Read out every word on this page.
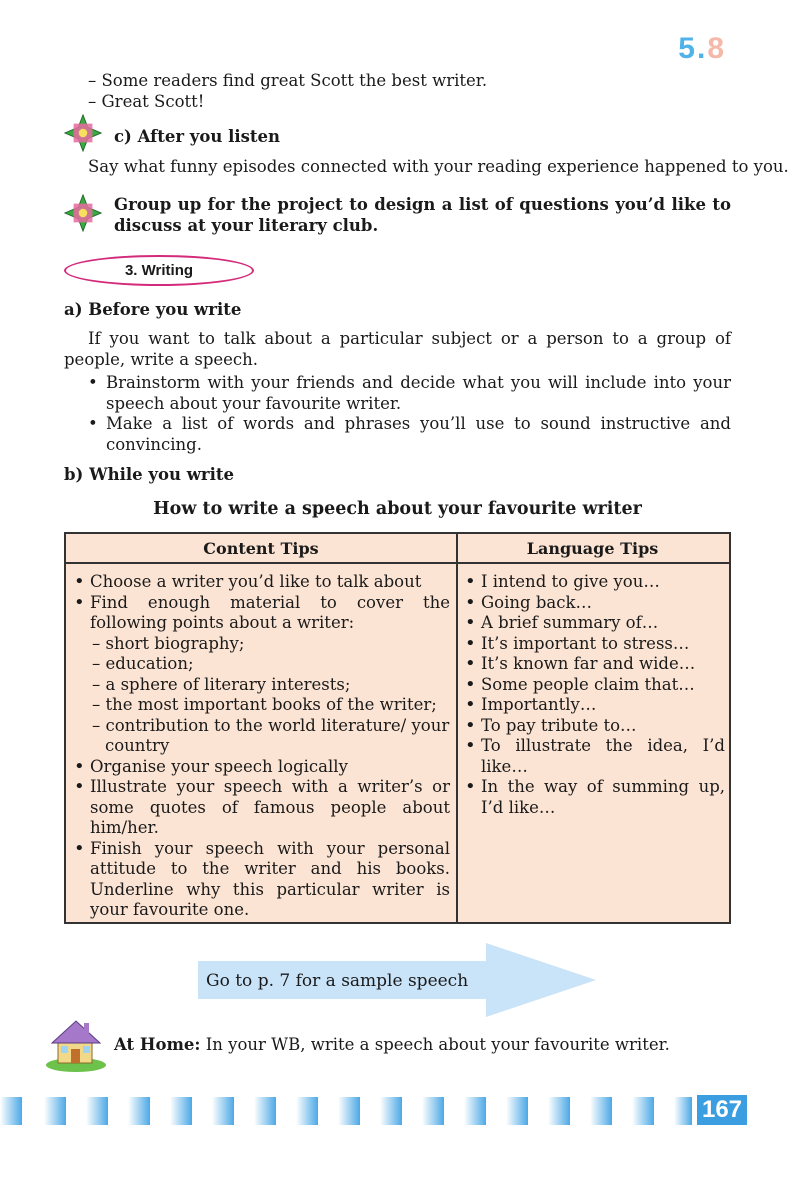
5.8
– Some readers find great Scott the best writer.
– Great Scott!
c) After you listen
Say what funny episodes connected with your reading experience happened to you.
Group up for the project to design a list of questions you’d like to discuss at your literary club.
3. Writing
a) Before you write
If you want to talk about a particular subject or a person to a group of people, write a speech.
• Brainstorm with your friends and decide what you will include into your speech about your favourite writer.
• Make a list of words and phrases you’ll use to sound instructive and convincing.
b) While you write
How to write a speech about your favourite writer
Content Tips	Language Tips
• Choose a writer you’d like to talk about
• Find enough material to cover the following points about a writer:
– short biography;
– education;
– a sphere of literary interests;
– the most important books of the writer;
– contribution to the world literature/ your country
• Organise your speech logically
• Illustrate your speech with a writer’s or some quotes of famous people about him/her.
• Finish your speech with your personal attitude to the writer and his books. Underline why this particular writer is your favourite one.
• I intend to give you…
• Going back…
• A brief summary of…
• It’s important to stress…
• It’s known far and wide…
• Some people claim that…
• Importantly…
• To pay tribute to…
• To illustrate the idea, I’d like…
• In the way of summing up, I’d like…
Go to p. 7 for a sample speech
At Home: In your WB, write a speech about your favourite writer.
167
